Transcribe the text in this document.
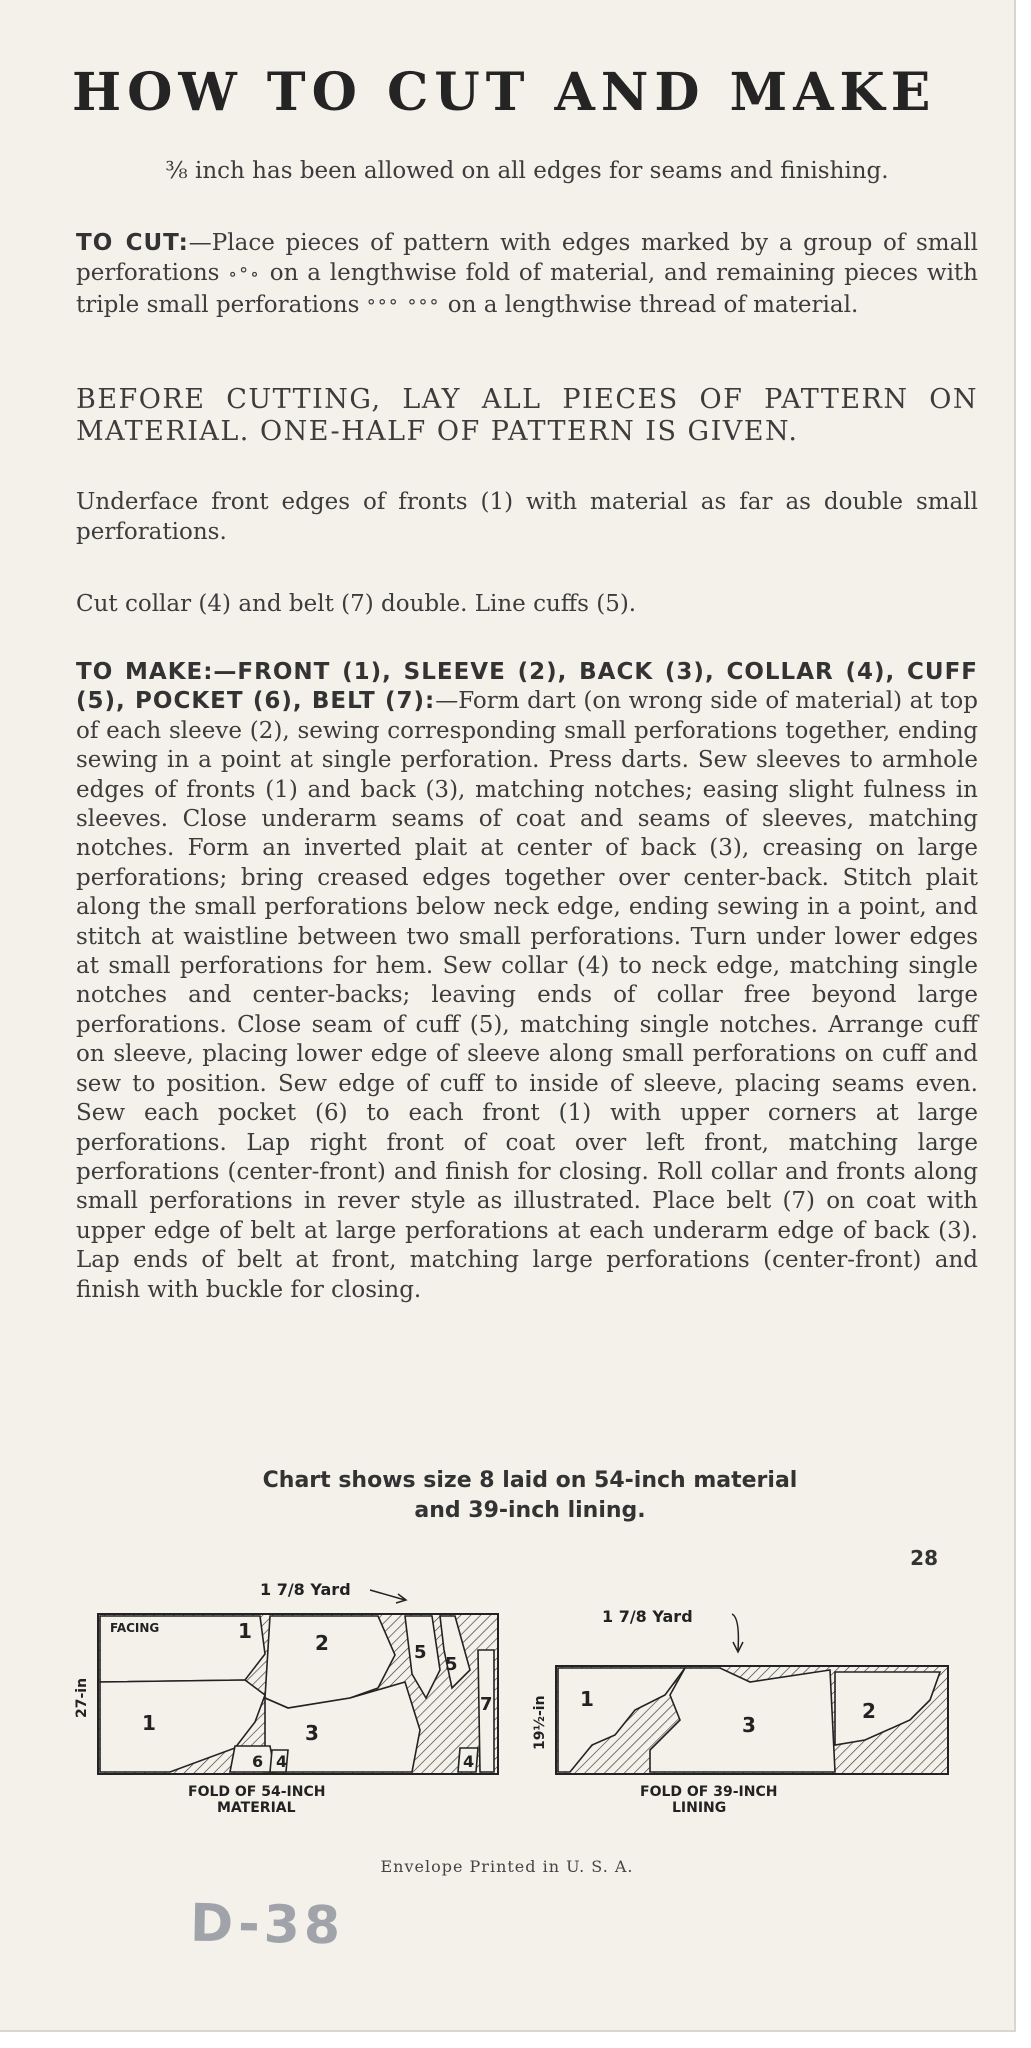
HOW TO CUT AND MAKE

⅜ inch has been allowed on all edges for seams and finishing.

TO CUT:—Place pieces of pattern with edges marked by a group of small perforations ∘°∘ on a lengthwise fold of material, and remaining pieces with triple small perforations °°° °°° on a lengthwise thread of material.

BEFORE CUTTING, LAY ALL PIECES OF PATTERN ON MATERIAL. ONE-HALF OF PATTERN IS GIVEN.

Underface front edges of fronts (1) with material as far as double small perforations.

Cut collar (4) and belt (7) double. Line cuffs (5).

TO MAKE:—FRONT (1), SLEEVE (2), BACK (3), COLLAR (4), CUFF (5), POCKET (6), BELT (7):—Form dart (on wrong side of material) at top of each sleeve (2), sewing corresponding small perforations together, ending sewing in a point at single perforation. Press darts. Sew sleeves to armhole edges of fronts (1) and back (3), matching notches; easing slight fulness in sleeves. Close underarm seams of coat and seams of sleeves, matching notches. Form an inverted plait at center of back (3), creasing on large perforations; bring creased edges together over center-back. Stitch plait along the small perforations below neck edge, ending sewing in a point, and stitch at waistline between two small perforations. Turn under lower edges at small perforations for hem. Sew collar (4) to neck edge, matching single notches and center-backs; leaving ends of collar free beyond large perforations. Close seam of cuff (5), matching single notches. Arrange cuff on sleeve, placing lower edge of sleeve along small perforations on cuff and sew to position. Sew edge of cuff to inside of sleeve, placing seams even. Sew each pocket (6) to each front (1) with upper corners at large perforations. Lap right front of coat over left front, matching large perforations (center-front) and finish for closing. Roll collar and fronts along small perforations in rever style as illustrated. Place belt (7) on coat with upper edge of belt at large perforations at each underarm edge of back (3). Lap ends of belt at front, matching large perforations (center-front) and finish with buckle for closing.

Chart shows size 8 laid on 54-inch material
and 39-inch lining.

28
1 7/8 Yard
FACING	1
1
2
3
4	4
5
5
6
7
27-in
FOLD OF 54-INCH
MATERIAL
1 7/8 Yard
1
3
2
19½-in
FOLD OF 39-INCH
LINING
Envelope Printed in U. S. A.
D-38
